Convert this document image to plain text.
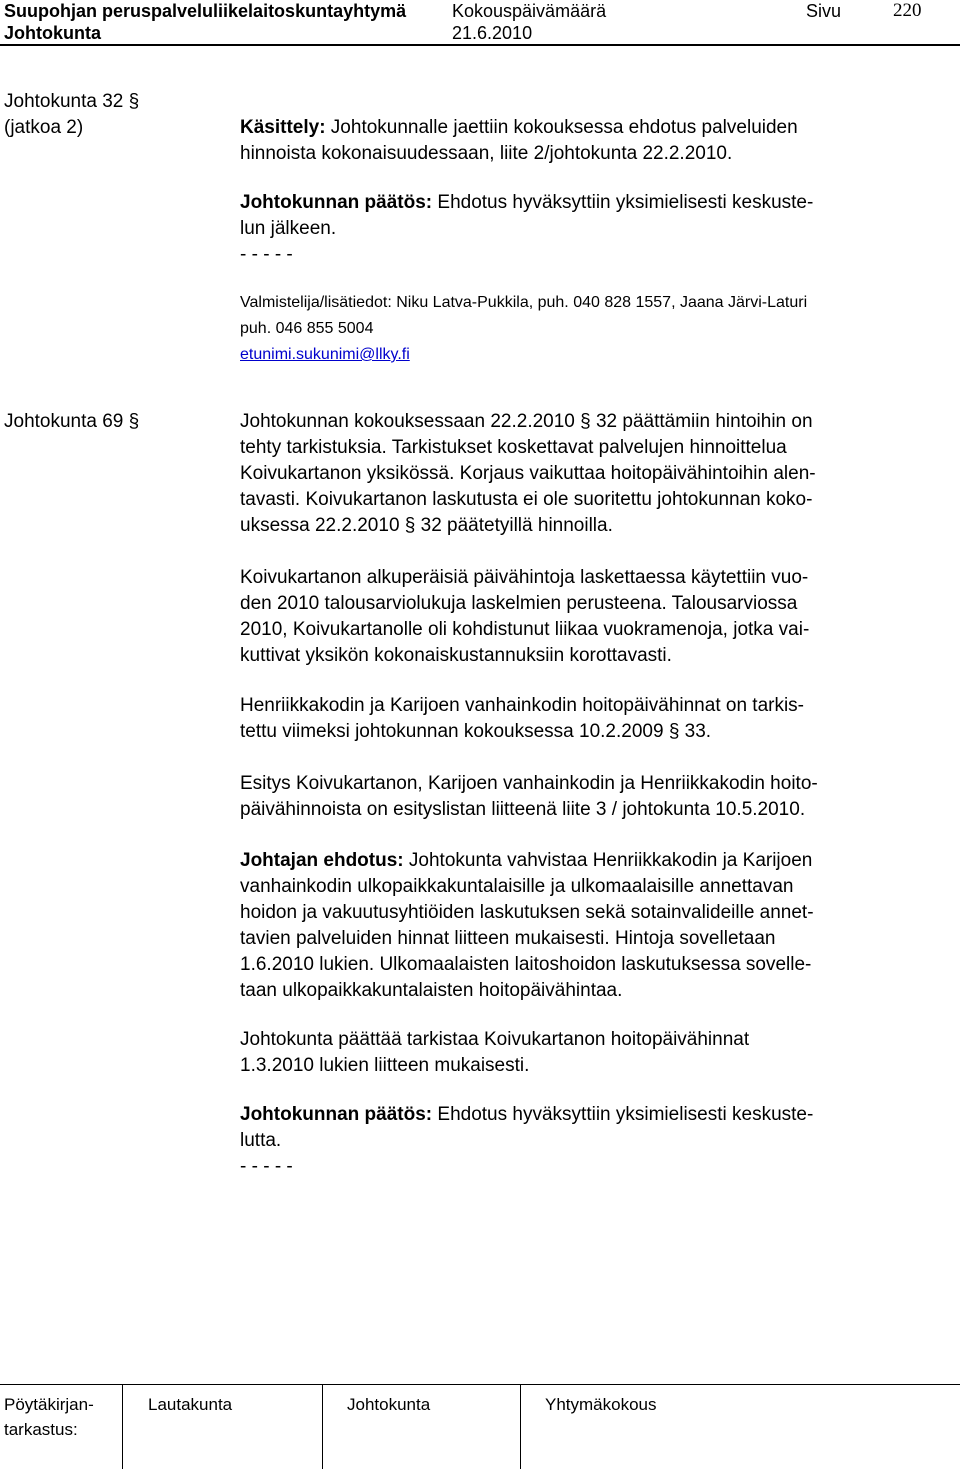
Suupohjan peruspalveluliikelaitoskuntayhtymä
Johtokunta
Kokouspäivämäärä
21.6.2010
Sivu	220
Johtokunta 32 §
(jatkoa 2)	Käsittely: Johtokunnalle jaettiin kokouksessa ehdotus palveluiden
hinnoista kokonaisuudessaan, liite 2/johtokunta 22.2.2010.
Johtokunnan päätös: Ehdotus hyväksyttiin yksimielisesti keskuste-
lun jälkeen.
- - - - -
Valmistelija/lisätiedot: Niku Latva-Pukkila, puh. 040 828 1557, Jaana Järvi-Laturi
puh. 046 855 5004
etunimi.sukunimi@llky.fi
Johtokunta 69 §	Johtokunnan kokouksessaan 22.2.2010 § 32 päättämiin hintoihin on
tehty tarkistuksia. Tarkistukset koskettavat palvelujen hinnoittelua
Koivukartanon yksikössä. Korjaus vaikuttaa hoitopäivähintoihin alen-
tavasti. Koivukartanon laskutusta ei ole suoritettu johtokunnan koko-
uksessa 22.2.2010 § 32 päätetyillä hinnoilla.
Koivukartanon alkuperäisiä päivähintoja laskettaessa käytettiin vuo-
den 2010 talousarviolukuja laskelmien perusteena. Talousarviossa
2010, Koivukartanolle oli kohdistunut liikaa vuokramenoja, jotka vai-
kuttivat yksikön kokonaiskustannuksiin korottavasti.
Henriikkakodin ja Karijoen vanhainkodin hoitopäivähinnat on tarkis-
tettu viimeksi johtokunnan kokouksessa 10.2.2009 § 33.
Esitys Koivukartanon, Karijoen vanhainkodin ja Henriikkakodin hoito-
päivähinnoista on esityslistan liitteenä liite 3 / johtokunta 10.5.2010.
Johtajan ehdotus: Johtokunta vahvistaa Henriikkakodin ja Karijoen
vanhainkodin ulkopaikkakuntalaisille ja ulkomaalaisille annettavan
hoidon ja vakuutusyhtiöiden laskutuksen sekä sotainvalideille annet-
tavien palveluiden hinnat liitteen mukaisesti. Hintoja sovelletaan
1.6.2010 lukien. Ulkomaalaisten laitoshoidon laskutuksessa sovelle-
taan ulkopaikkakuntalaisten hoitopäivähintaa.
Johtokunta päättää tarkistaa Koivukartanon hoitopäivähinnat
1.3.2010 lukien liitteen mukaisesti.
Johtokunnan päätös: Ehdotus hyväksyttiin yksimielisesti keskuste-
lutta.
- - - - -
Pöytäkirjan-
tarkastus:
Lautakunta	Johtokunta	Yhtymäkokous
